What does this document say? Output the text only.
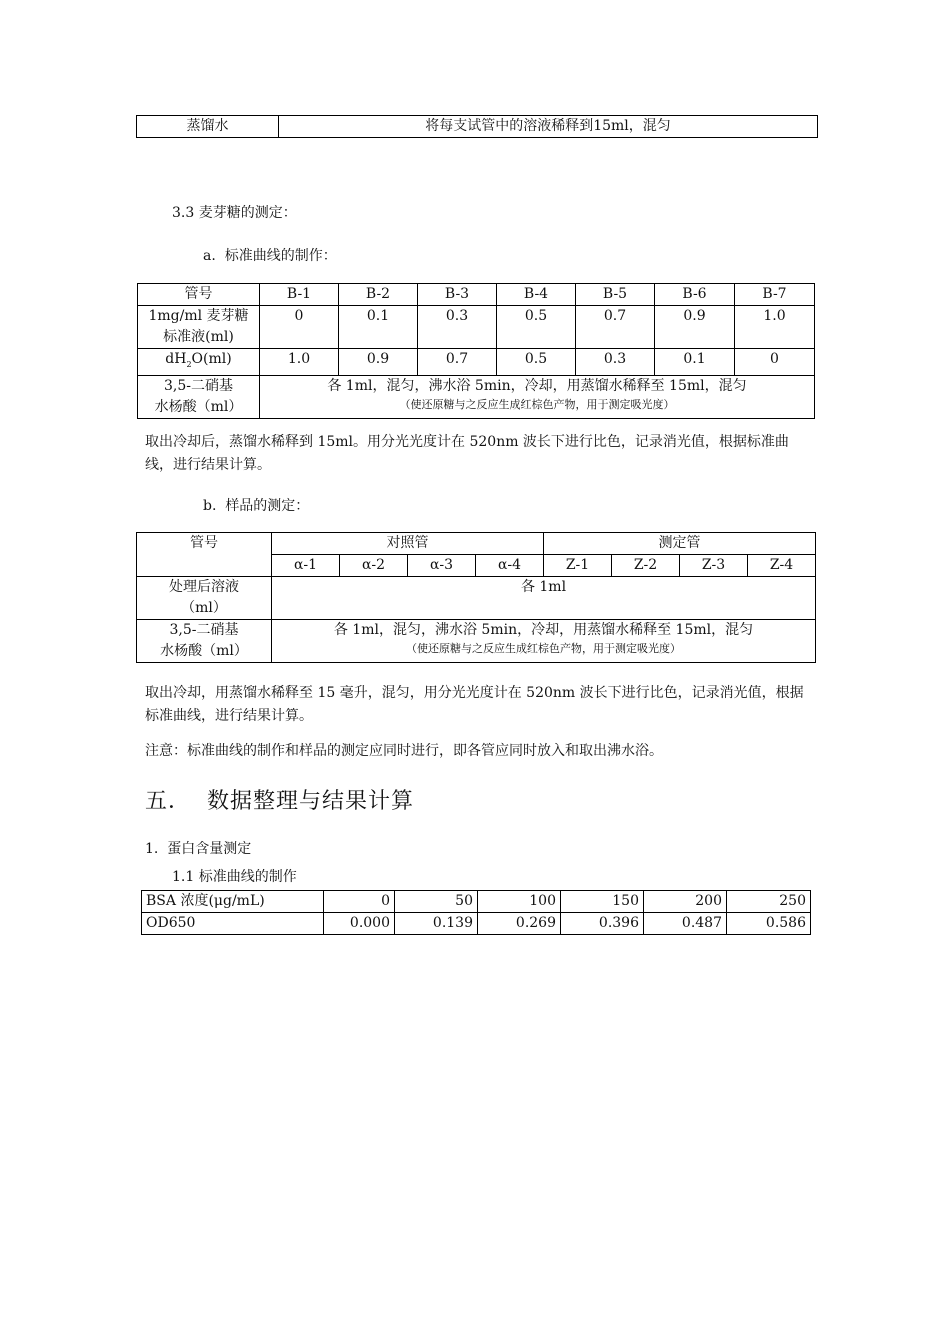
蒸馏水	将每支试管中的溶液稀释到15ml，混匀
3.3 麦芽糖的测定：
a.  标准曲线的制作：
管号	B-1	B-2	B-3	B-4	B-5	B-6	B-7
1mg/ml 麦芽糖
标准液(ml)	0	0.1	0.3	0.5	0.7	0.9	1.0
$dH_2O(ml)$	1.0	0.9	0.7	0.5	0.3	0.1	0
3,5-二硝基
水杨酸（ml）	各 1ml，混匀，沸水浴 5min，冷却，用蒸馏水稀释至 15ml，混匀
（使还原糖与之反应生成红棕色产物，用于测定吸光度）						
取出冷却后，蒸馏水稀释到 15ml。用分光光度计在 520nm 波长下进行比色，记录消光值，根据标准曲线，进行结果计算。
b.  样品的测定：
管号	对照管				测定管			
	α-1	α-2	α-3	α-4	Z-1	Z-2	Z-3	Z-4
处理后溶液
（ml）	各 1ml							
3,5-二硝基
水杨酸（ml）	各 1ml，混匀，沸水浴 5min，冷却，用蒸馏水稀释至 15ml，混匀
（使还原糖与之反应生成红棕色产物，用于测定吸光度）							
取出冷却，用蒸馏水稀释至 15 毫升，混匀，用分光光度计在 520nm 波长下进行比色，记录消光值，根据标准曲线，进行结果计算。
注意：标准曲线的制作和样品的测定应同时进行，即各管应同时放入和取出沸水浴。
五．  数据整理与结果计算
1.  蛋白含量测定
1.1 标准曲线的制作
BSA 浓度(μg/mL)	0	50	100	150	200	250
OD650	0.000	0.139	0.269	0.396	0.487	0.586
